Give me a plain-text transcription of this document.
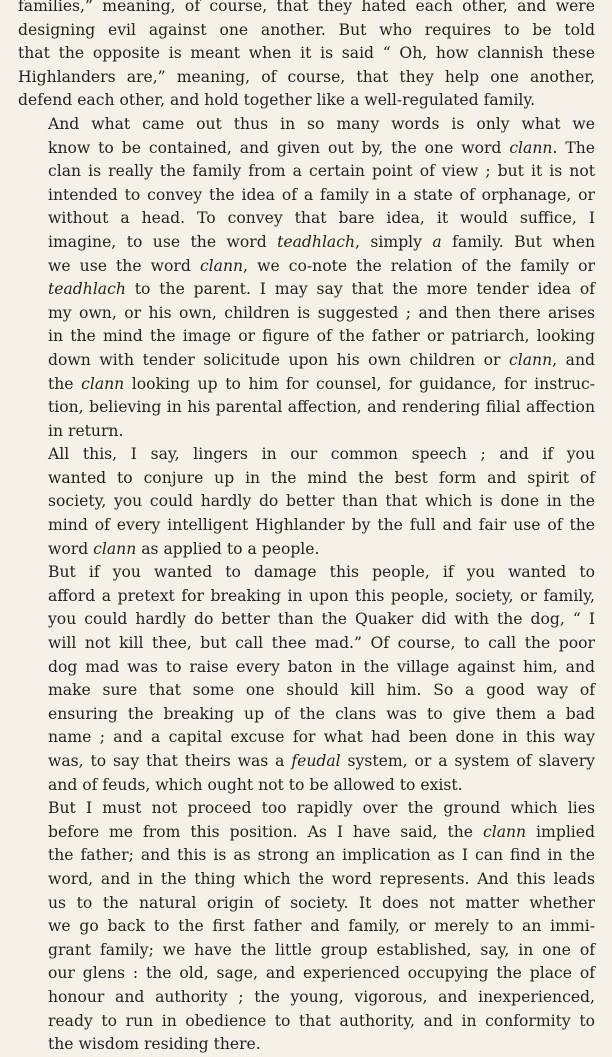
families,” meaning, of course, that they hated each other, and were
designing evil against one another. But who requires to be told
that the opposite is meant when it is said “ Oh, how clannish these
Highlanders are,” meaning, of course, that they help one another,
defend each other, and hold together like a well-regulated family.
And what came out thus in so many words is only what we
know to be contained, and given out by, the one word clann. The
clan is really the family from a certain point of view ; but it is not
intended to convey the idea of a family in a state of orphanage, or
without a head. To convey that bare idea, it would suffice, I
imagine, to use the word teadhlach, simply a family. But when
we use the word clann, we co-note the relation of the family or
teadhlach to the parent. I may say that the more tender idea of
my own, or his own, children is suggested ; and then there arises
in the mind the image or figure of the father or patriarch, looking
down with tender solicitude upon his own children or clann, and
the clann looking up to him for counsel, for guidance, for instruc-
tion, believing in his parental affection, and rendering filial affection
in return.
All this, I say, lingers in our common speech ; and if you
wanted to conjure up in the mind the best form and spirit of
society, you could hardly do better than that which is done in the
mind of every intelligent Highlander by the full and fair use of the
word clann as applied to a people.
But if you wanted to damage this people, if you wanted to
afford a pretext for breaking in upon this people, society, or family,
you could hardly do better than the Quaker did with the dog, “ I
will not kill thee, but call thee mad.” Of course, to call the poor
dog mad was to raise every baton in the village against him, and
make sure that some one should kill him. So a good way of
ensuring the breaking up of the clans was to give them a bad
name ; and a capital excuse for what had been done in this way
was, to say that theirs was a feudal system, or a system of slavery
and of feuds, which ought not to be allowed to exist.
But I must not proceed too rapidly over the ground which lies
before me from this position. As I have said, the clann implied
the father; and this is as strong an implication as I can find in the
word, and in the thing which the word represents. And this leads
us to the natural origin of society. It does not matter whether
we go back to the first father and family, or merely to an immi-
grant family; we have the little group established, say, in one of
our glens : the old, sage, and experienced occupying the place of
honour and authority ; the young, vigorous, and inexperienced,
ready to run in obedience to that authority, and in conformity to
the wisdom residing there.
